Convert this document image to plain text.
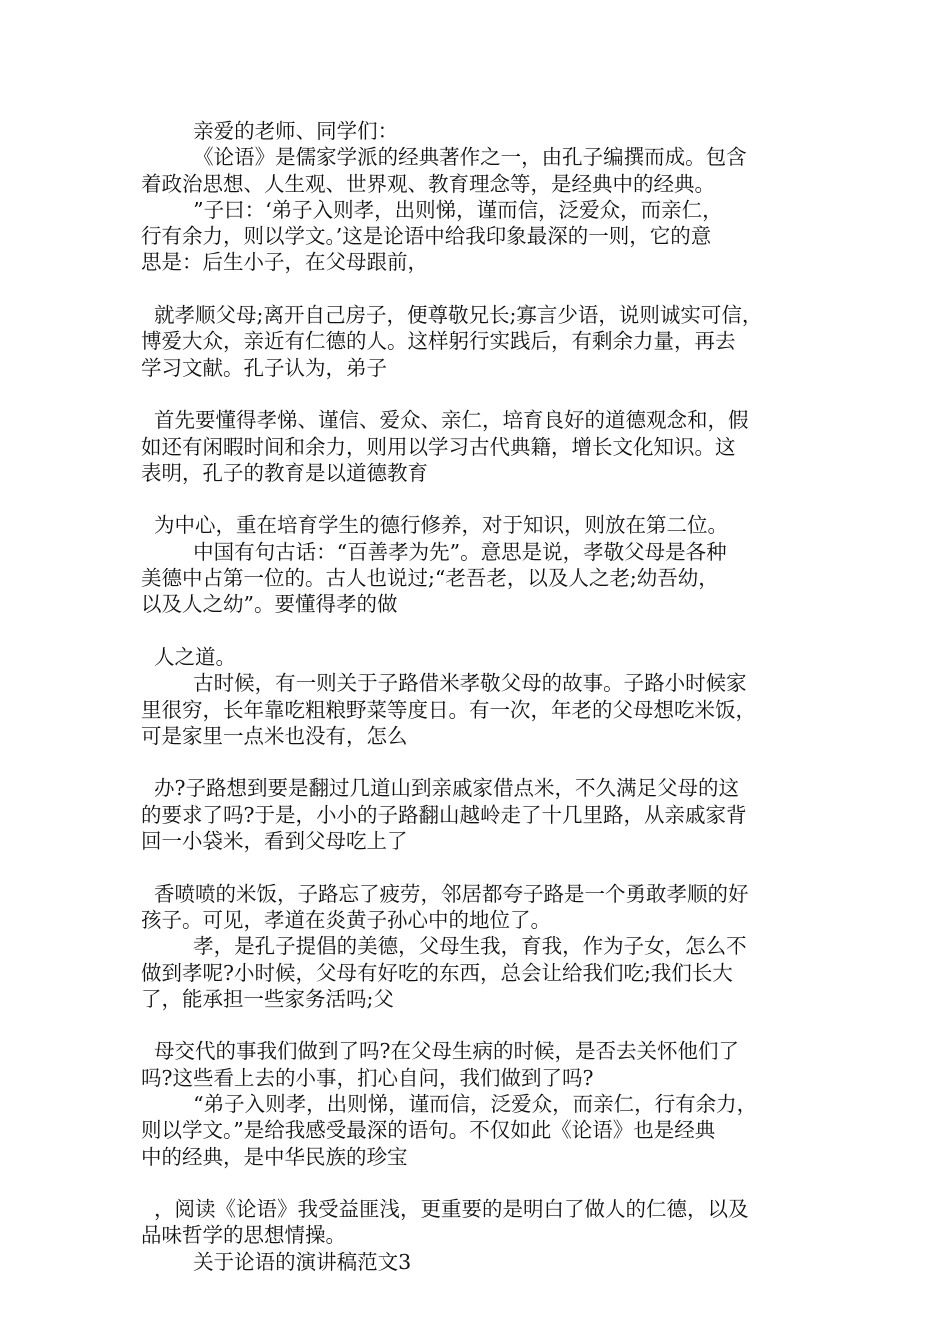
亲爱的老师、同学们：
《论语》是儒家学派的经典著作之一，由孔子编撰而成。包含
着政治思想、人生观、世界观、教育理念等，是经典中的经典。
”子曰：‘弟子入则孝，出则悌，谨而信，泛爱众，而亲仁，
行有余力，则以学文。’这是论语中给我印象最深的一则，它的意
思是：后生小子，在父母跟前，
就孝顺父母;离开自己房子，便尊敬兄长;寡言少语，说则诚实可信，
博爱大众，亲近有仁德的人。这样躬行实践后，有剩余力量，再去
学习文献。孔子认为，弟子
首先要懂得孝悌、谨信、爱众、亲仁，培育良好的道德观念和，假
如还有闲暇时间和余力，则用以学习古代典籍，增长文化知识。这
表明，孔子的教育是以道德教育
为中心，重在培育学生的德行修养，对于知识，则放在第二位。
中国有句古话：“百善孝为先”。意思是说，孝敬父母是各种
美德中占第一位的。古人也说过;“老吾老，以及人之老;幼吾幼，
以及人之幼”。要懂得孝的做
人之道。
古时候，有一则关于子路借米孝敬父母的故事。子路小时候家
里很穷，长年靠吃粗粮野菜等度日。有一次，年老的父母想吃米饭，
可是家里一点米也没有，怎么
办?子路想到要是翻过几道山到亲戚家借点米，不久满足父母的这
的要求了吗?于是，小小的子路翻山越岭走了十几里路，从亲戚家背
回一小袋米，看到父母吃上了
香喷喷的米饭，子路忘了疲劳，邻居都夸子路是一个勇敢孝顺的好
孩子。可见，孝道在炎黄子孙心中的地位了。
孝，是孔子提倡的美德，父母生我，育我，作为子女，怎么不
做到孝呢?小时候，父母有好吃的东西，总会让给我们吃;我们长大
了，能承担一些家务活吗;父
母交代的事我们做到了吗?在父母生病的时候，是否去关怀他们了
吗?这些看上去的小事，扪心自问，我们做到了吗?
“弟子入则孝，出则悌，谨而信，泛爱众，而亲仁，行有余力，
则以学文。”是给我感受最深的语句。不仅如此《论语》也是经典
中的经典，是中华民族的珍宝
，阅读《论语》我受益匪浅，更重要的是明白了做人的仁德，以及
品味哲学的思想情操。
关于论语的演讲稿范文3
